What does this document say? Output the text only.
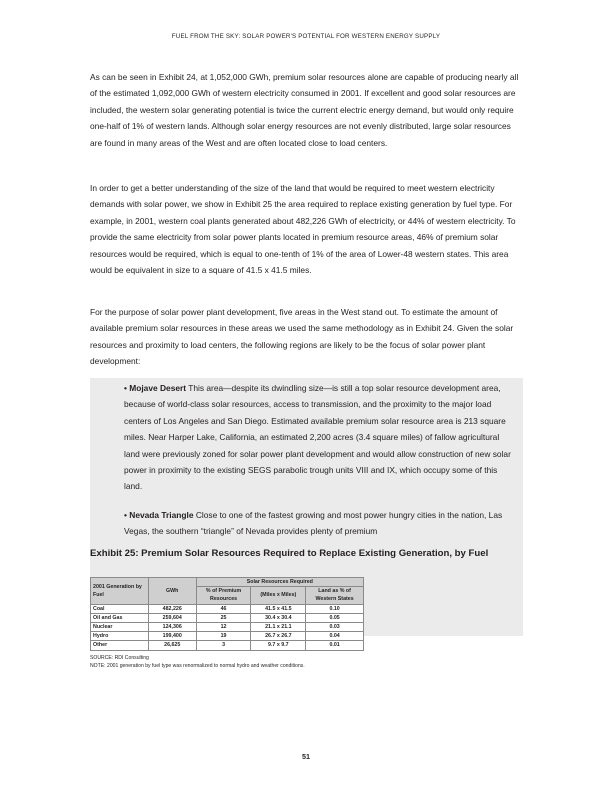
FUEL FROM THE SKY: SOLAR POWER'S POTENTIAL FOR WESTERN ENERGY SUPPLY

As can be seen in Exhibit 24, at 1,052,000 GWh, premium solar resources alone are capable of producing nearly all of the estimated 1,092,000 GWh of western electricity consumed in 2001. If excellent and good solar resources are included, the western solar generating potential is twice the current electric energy demand, but would only require one-half of 1% of western lands. Although solar energy resources are not evenly distributed, large solar resources are found in many areas of the West and are often located close to load centers.

In order to get a better understanding of the size of the land that would be required to meet western electricity demands with solar power, we show in Exhibit 25 the area required to replace existing generation by fuel type. For example, in 2001, western coal plants generated about 482,226 GWh of electricity, or 44% of western electricity. To provide the same electricity from solar power plants located in premium resource areas, 46% of premium solar resources would be required, which is equal to one-tenth of 1% of the area of Lower-48 western states. This area would be equivalent in size to a square of 41.5 x 41.5 miles.

For the purpose of solar power plant development, five areas in the West stand out. To estimate the amount of available premium solar resources in these areas we used the same methodology as in Exhibit 24. Given the solar resources and proximity to load centers, the following regions are likely to be the focus of solar power plant development:

• Mojave Desert This area—despite its dwindling size—is still a top solar resource development area, because of world-class solar resources, access to transmission, and the proximity to the major load centers of Los Angeles and San Diego. Estimated available premium solar resource area is 213 square miles. Near Harper Lake, California, an estimated 2,200 acres (3.4 square miles) of fallow agricultural land were previously zoned for solar power plant development and would allow construction of new solar power in proximity to the existing SEGS parabolic trough units VIII and IX, which occupy some of this land.

• Nevada Triangle Close to one of the fastest growing and most power hungry cities in the nation, Las Vegas, the southern “triangle” of Nevada provides plenty of premium

Exhibit 25: Premium Solar Resources Required to Replace Existing Generation, by Fuel

2001 Generation by Fuel	GWh	Solar Resources Required		
		% of Premium Resources	(Miles x Miles)	Land as % of Western States
Coal	482,226	46	41.5 x 41.5	0.10
Oil and Gas	259,604	25	30.4 x 30.4	0.05
Nuclear	124,306	12	21.1 x 21.1	0.03
Hydro	199,400	19	26.7 x 26.7	0.04
Other	26,625	3	9.7 x 9.7	0.01
SOURCE: RDI Consulting
NOTE: 2001 generation by fuel type was renormalized to normal hydro and weather conditions.
51
